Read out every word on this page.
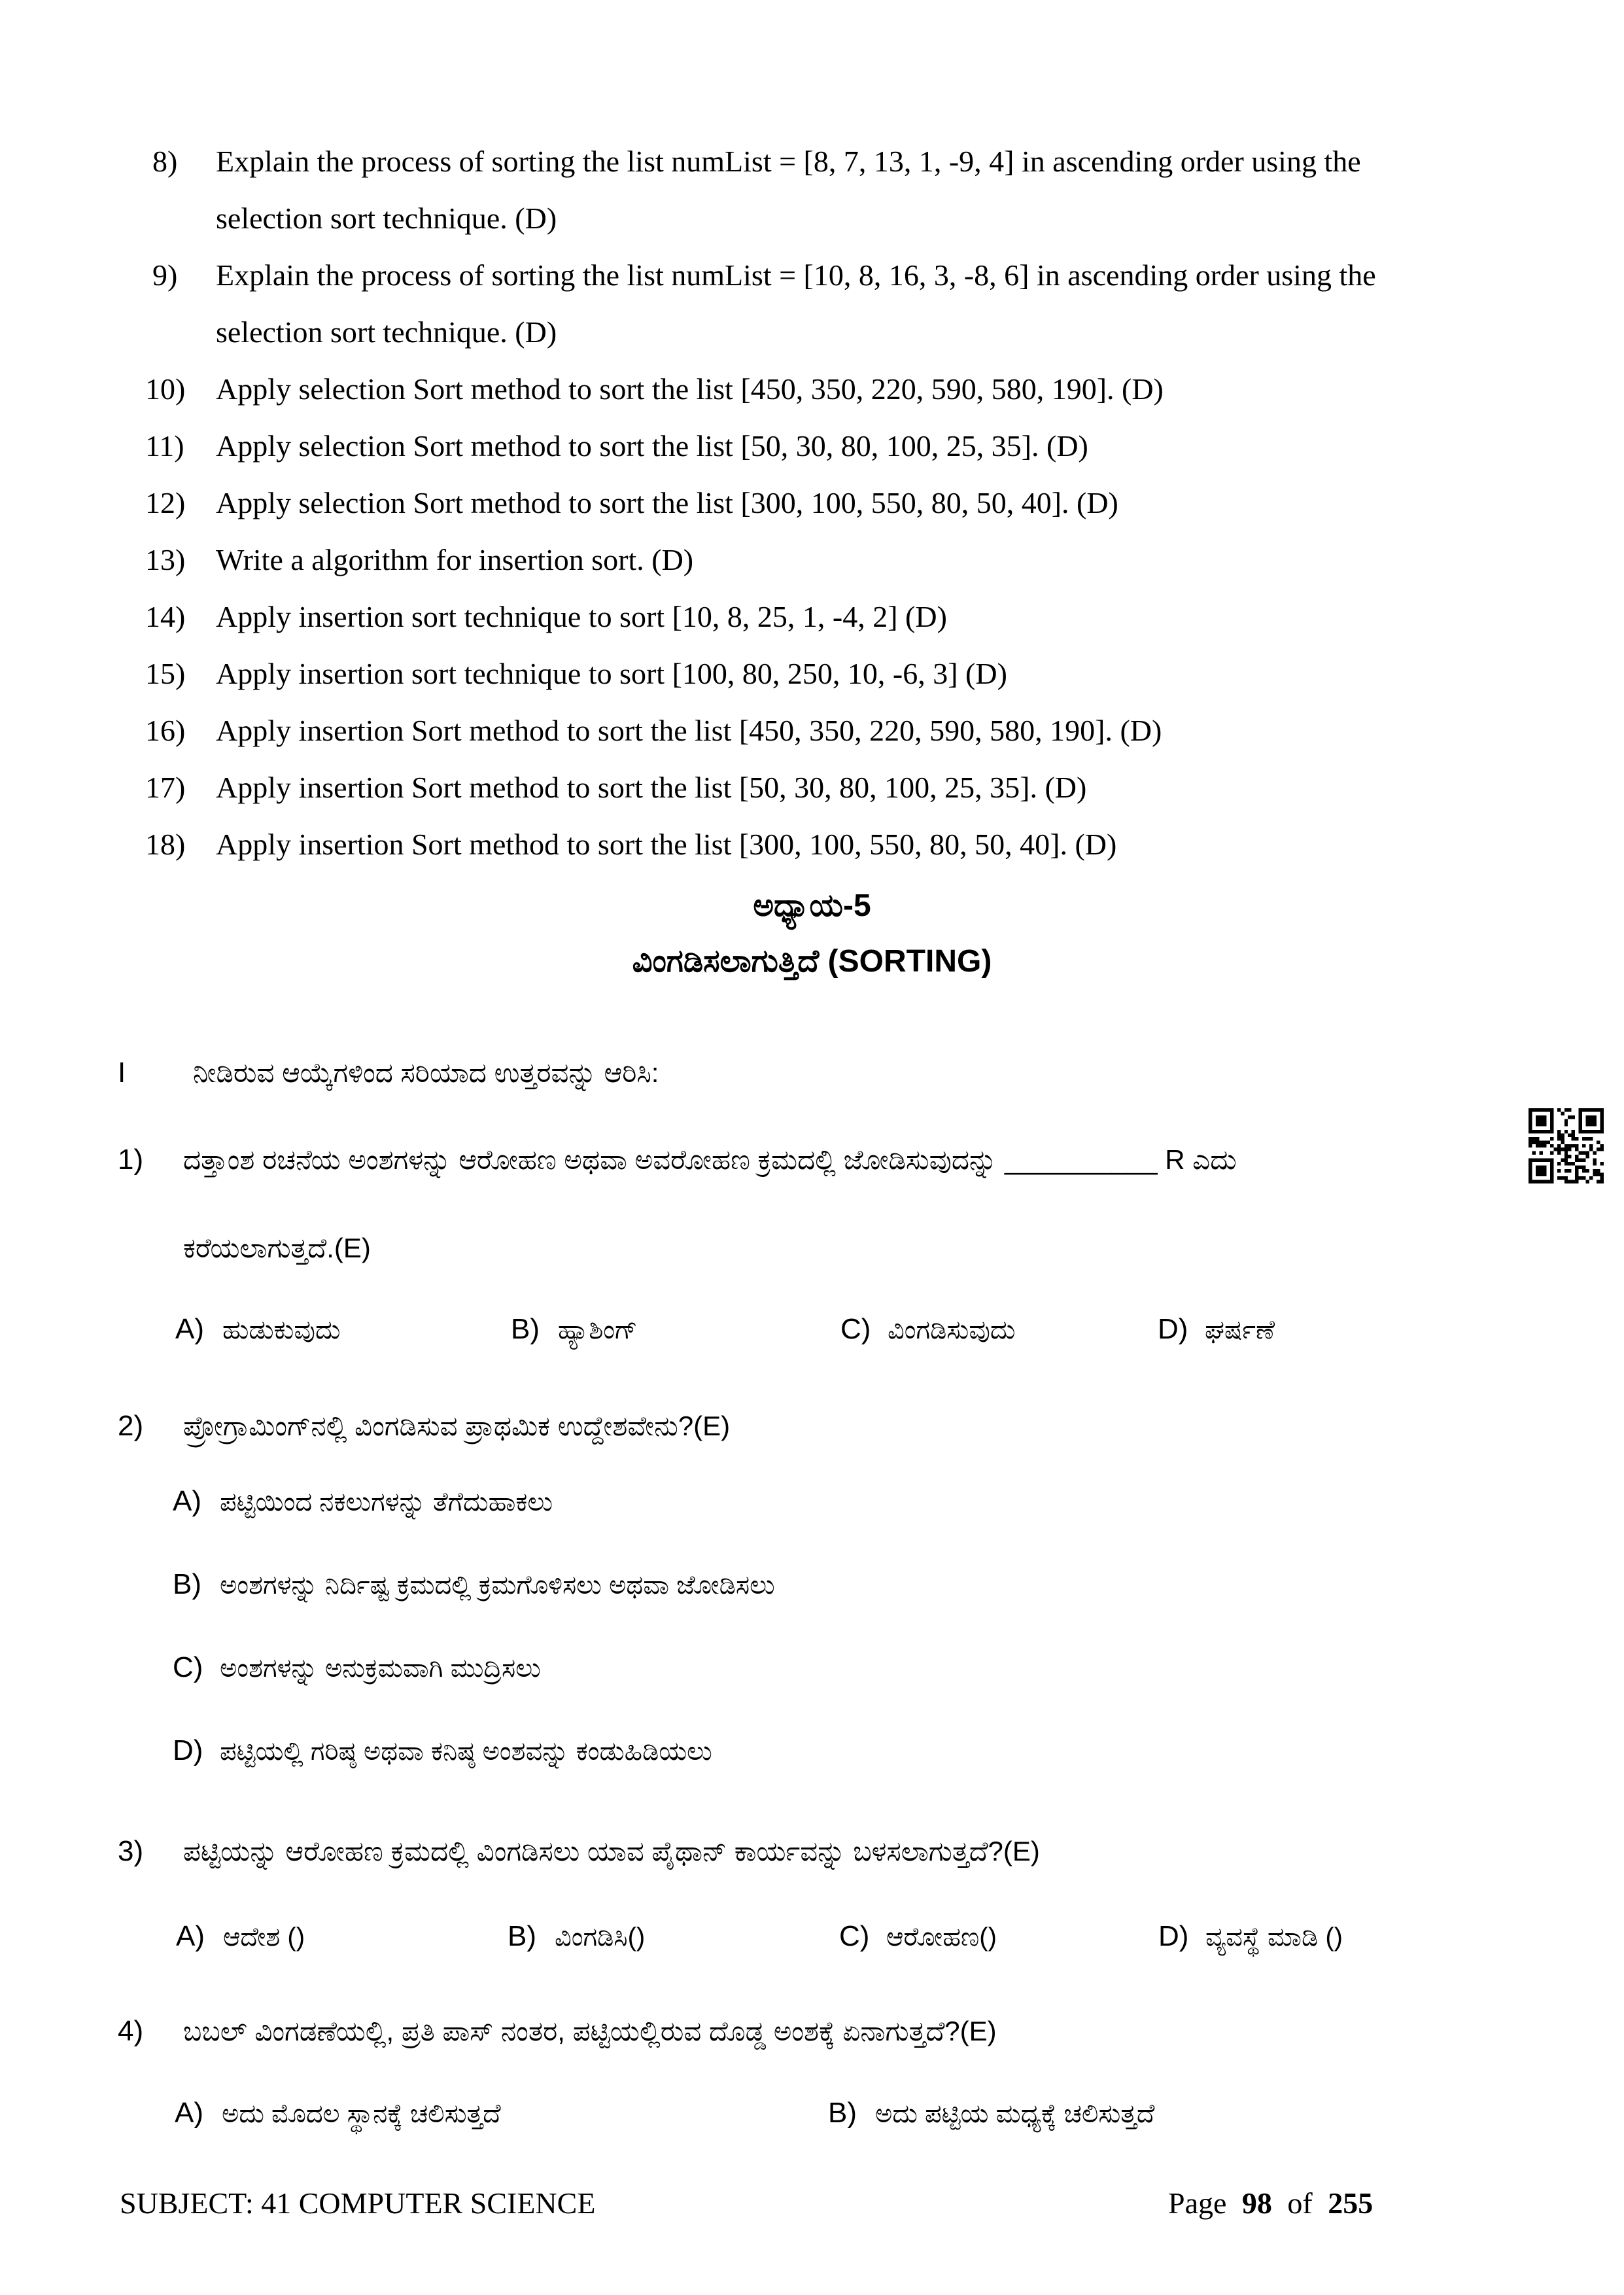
8) Explain the process of sorting the list numList = [8, 7, 13, 1, -9, 4] in ascending order using the
selection sort technique. (D)
9) Explain the process of sorting the list numList = [10, 8, 16, 3, -8, 6] in ascending order using the
selection sort technique. (D)
10) Apply selection Sort method to sort the list [450, 350, 220, 590, 580, 190]. (D)
11) Apply selection Sort method to sort the list [50, 30, 80, 100, 25, 35]. (D)
12) Apply selection Sort method to sort the list [300, 100, 550, 80, 50, 40]. (D)
13) Write a algorithm for insertion sort. (D)
14) Apply insertion sort technique to sort [10, 8, 25, 1, -4, 2] (D)
15) Apply insertion sort technique to sort [100, 80, 250, 10, -6, 3] (D)
16) Apply insertion Sort method to sort the list [450, 350, 220, 590, 580, 190]. (D)
17) Apply insertion Sort method to sort the list [50, 30, 80, 100, 25, 35]. (D)
18) Apply insertion Sort method to sort the list [300, 100, 550, 80, 50, 40]. (D)
ಅಧ್ಯಾಯ-5
ವಿಂಗಡಿಸಲಾಗುತ್ತಿದೆ (SORTING)
I ನೀಡಿರುವ ಆಯ್ಕೆಗಳಿಂದ ಸರಿಯಾದ ಉತ್ತರವನ್ನು ಆರಿಸಿ:
1) ದತ್ತಾಂಶ ರಚನೆಯ ಅಂಶಗಳನ್ನು ಆರೋಹಣ ಅಥವಾ ಅವರೋಹಣ ಕ್ರಮದಲ್ಲಿ ಜೋಡಿಸುವುದನ್ನು __________ R ಎದು
ಕರೆಯಲಾಗುತ್ತದೆ.(E)
A) ಹುಡುಕುವುದು	B) ಹ್ಯಾಶಿಂಗ್	C) ವಿಂಗಡಿಸುವುದು	D) ಘರ್ಷಣೆ
2) ಪ್ರೋಗ್ರಾಮಿಂಗ್‌ನಲ್ಲಿ ವಿಂಗಡಿಸುವ ಪ್ರಾಥಮಿಕ ಉದ್ದೇಶವೇನು?(E)
A) ಪಟ್ಟಿಯಿಂದ ನಕಲುಗಳನ್ನು ತೆಗೆದುಹಾಕಲು
B) ಅಂಶಗಳನ್ನು ನಿರ್ದಿಷ್ಟ ಕ್ರಮದಲ್ಲಿ ಕ್ರಮಗೊಳಿಸಲು ಅಥವಾ ಜೋಡಿಸಲು
C) ಅಂಶಗಳನ್ನು ಅನುಕ್ರಮವಾಗಿ ಮುದ್ರಿಸಲು
D) ಪಟ್ಟಿಯಲ್ಲಿ ಗರಿಷ್ಠ ಅಥವಾ ಕನಿಷ್ಠ ಅಂಶವನ್ನು ಕಂಡುಹಿಡಿಯಲು
3) ಪಟ್ಟಿಯನ್ನು ಆರೋಹಣ ಕ್ರಮದಲ್ಲಿ ವಿಂಗಡಿಸಲು ಯಾವ ಪೈಥಾನ್ ಕಾರ್ಯವನ್ನು ಬಳಸಲಾಗುತ್ತದೆ?(E)
A) ಆದೇಶ ()	B) ವಿಂಗಡಿಸಿ()	C) ಆರೋಹಣ()	D) ವ್ಯವಸ್ಥೆ ಮಾಡಿ ()
4) ಬಬಲ್ ವಿಂಗಡಣೆಯಲ್ಲಿ, ಪ್ರತಿ ಪಾಸ್ ನಂತರ, ಪಟ್ಟಿಯಲ್ಲಿರುವ ದೊಡ್ಡ ಅಂಶಕ್ಕೆ ಏನಾಗುತ್ತದೆ?(E)
A) ಅದು ಮೊದಲ ಸ್ಥಾನಕ್ಕೆ ಚಲಿಸುತ್ತದೆ	B) ಅದು ಪಟ್ಟಿಯ ಮಧ್ಯಕ್ಕೆ ಚಲಿಸುತ್ತದೆ
SUBJECT: 41 COMPUTER SCIENCE	Page 98 of 255
